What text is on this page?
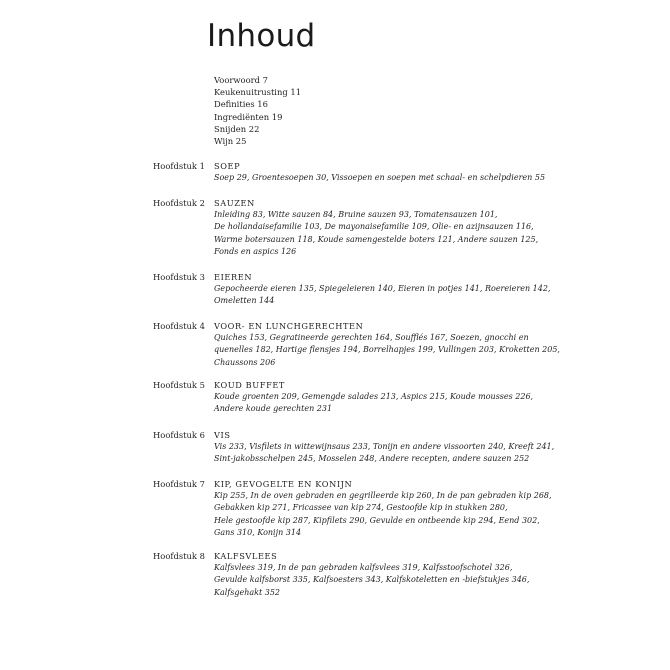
Inhoud
Voorwoord 7
Keukenuitrusting 11
Definities 16
Ingrediënten 19
Snijden 22
Wijn 25
Hoofdstuk 1 SOEP
Soep 29, Groentesoepen 30, Vissoepen en soepen met schaal- en schelpdieren 55
Hoofdstuk 2 SAUZEN
Inleiding 83, Witte sauzen 84, Bruine sauzen 93, Tomatensauzen 101,
De hollandaisefamilie 103, De mayonaisefamilie 109, Olie- en azijnsauzen 116,
Warme botersauzen 118, Koude samengestelde boters 121, Andere sauzen 125,
Fonds en aspics 126
Hoofdstuk 3 EIEREN
Gepocheerde eieren 135, Spiegeleieren 140, Eieren in potjes 141, Roereieren 142,
Omeletten 144
Hoofdstuk 4 VOOR- EN LUNCHGERECHTEN
Quiches 153, Gegratineerde gerechten 164, Soufflés 167, Soezen, gnocchi en
quenelles 182, Hartige flensjes 194, Borrelhapjes 199, Vullingen 203, Kroketten 205,
Chaussons 206
Hoofdstuk 5 KOUD BUFFET
Koude groenten 209, Gemengde salades 213, Aspics 215, Koude mousses 226,
Andere koude gerechten 231
Hoofdstuk 6 VIS
Vis 233, Visfilets in wittewijnsaus 233, Tonijn en andere vissoorten 240, Kreeft 241,
Sint-jakobsschelpen 245, Mosselen 248, Andere recepten, andere sauzen 252
Hoofdstuk 7 KIP, GEVOGELTE EN KONIJN
Kip 255, In de oven gebraden en gegrilleerde kip 260, In de pan gebraden kip 268,
Gebakken kip 271, Fricassee van kip 274, Gestoofde kip in stukken 280,
Hele gestoofde kip 287, Kipfilets 290, Gevulde en ontbeende kip 294, Eend 302,
Gans 310, Konijn 314
Hoofdstuk 8 KALFSVLEES
Kalfsvlees 319, In de pan gebraden kalfsvlees 319, Kalfsstoofschotel 326,
Gevulde kalfsborst 335, Kalfsoesters 343, Kalfskoteletten en -biefstukjes 346,
Kalfsgehakt 352
